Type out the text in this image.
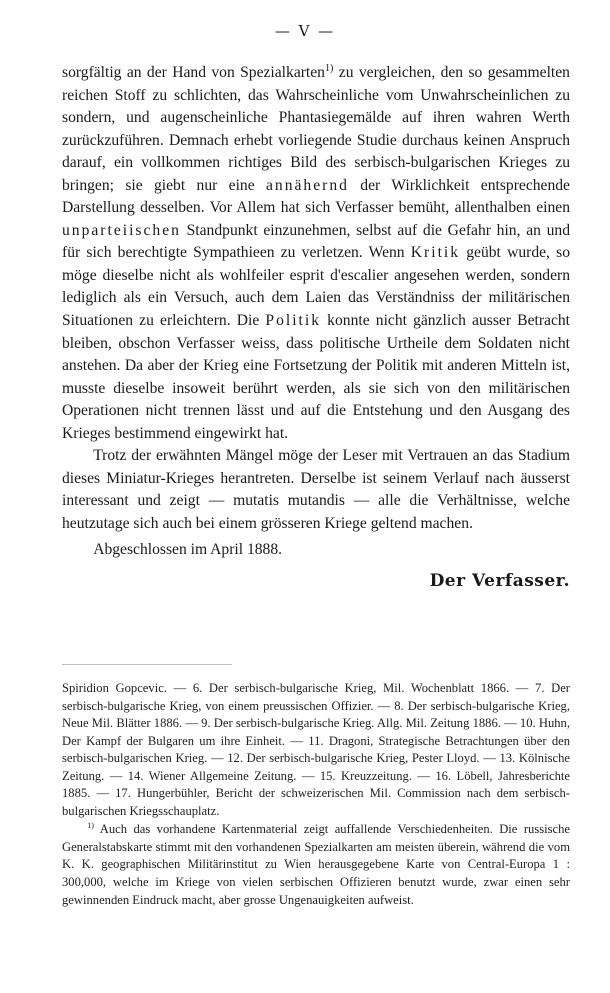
— V —

sorgfältig an der Hand von Spezialkarten$^{1)}$ zu vergleichen, den so gesammelten reichen Stoff zu schlichten, das Wahrscheinliche vom Unwahrscheinlichen zu sondern, und augenscheinliche Phantasiegemälde auf ihren wahren Werth zurückzuführen. Demnach erhebt vorliegende Studie durchaus keinen Anspruch darauf, ein vollkommen richtiges Bild des serbisch-bulgarischen Krieges zu bringen; sie giebt nur eine annähernd der Wirklichkeit entsprechende Darstellung desselben. Vor Allem hat sich Verfasser bemüht, allenthalben einen unparteiischen Standpunkt einzunehmen, selbst auf die Gefahr hin, an und für sich berechtigte Sympathieen zu verletzen. Wenn Kritik geübt wurde, so möge dieselbe nicht als wohlfeiler esprit d'escalier angesehen werden, sondern lediglich als ein Versuch, auch dem Laien das Verständniss der militärischen Situationen zu erleichtern. Die Politik konnte nicht gänzlich ausser Betracht bleiben, obschon Verfasser weiss, dass politische Urtheile dem Soldaten nicht anstehen. Da aber der Krieg eine Fortsetzung der Politik mit anderen Mitteln ist, musste dieselbe insoweit berührt werden, als sie sich von den militärischen Operationen nicht trennen lässt und auf die Entstehung und den Ausgang des Krieges bestimmend eingewirkt hat.

Trotz der erwähnten Mängel möge der Leser mit Vertrauen an das Stadium dieses Miniatur-Krieges herantreten. Derselbe ist seinem Verlauf nach äusserst interessant und zeigt — mutatis mutandis — alle die Verhältnisse, welche heutzutage sich auch bei einem grösseren Kriege geltend machen.

Abgeschlossen im April 1888.

Der Verfasser.

Spiridion Gopcevic. — 6. Der serbisch-bulgarische Krieg, Mil. Wochenblatt 1866. — 7. Der serbisch-bulgarische Krieg, von einem preussischen Offizier. — 8. Der serbisch-bulgarische Krieg, Neue Mil. Blätter 1886. — 9. Der serbisch-bulgarische Krieg. Allg. Mil. Zeitung 1886. — 10. Huhn, Der Kampf der Bulgaren um ihre Einheit. — 11. Dragoni, Strategische Betrachtungen über den serbisch-bulgarischen Krieg. — 12. Der serbisch-bulgarische Krieg, Pester Lloyd. — 13. Kölnische Zeitung. — 14. Wiener Allgemeine Zeitung. — 15. Kreuzzeitung. — 16. Löbell, Jahresberichte 1885. — 17. Hungerbühler, Bericht der schweizerischen Mil. Commission nach dem serbisch-bulgarischen Kriegsschauplatz.

$^{1)}$ Auch das vorhandene Kartenmaterial zeigt auffallende Verschiedenheiten. Die russische Generalstabskarte stimmt mit den vorhandenen Spezialkarten am meisten überein, während die vom K. K. geographischen Militärinstitut zu Wien herausgegebene Karte von Central-Europa 1 : 300,000, welche im Kriege von vielen serbischen Offizieren benutzt wurde, zwar einen sehr gewinnenden Eindruck macht, aber grosse Ungenauigkeiten aufweist.
